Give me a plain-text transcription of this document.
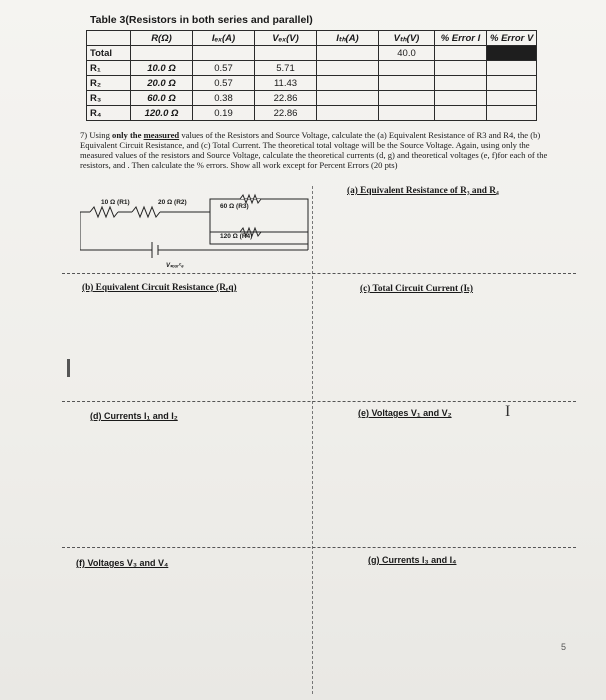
Table 3(Resistors in both series and parallel)
	R(Ω)	Iₑₓ(A)	Vₑₓ(V)	Iₜₕ(A)	Vₜₕ(V)	% Error I	% Error V
Total					40.0		
R₁	10.0 Ω	0.57	5.71				
R₂	20.0 Ω	0.57	11.43				
R₃	60.0 Ω	0.38	22.86				
R₄	120.0 Ω	0.19	22.86				
7) Using only the measured values of the Resistors and Source Voltage, calculate the (a) Equivalent Resistance of R3 and R4, the (b) Equivalent Circuit Resistance, and (c) Total Current. The theoretical total voltage will be the Source Voltage. Again, using only the measured values of the resistors and Source Voltage, calculate the theoretical currents (d, g) and theoretical voltages (e, f)for each of the resistors, and . Then calculate the % errors. Show all work except for Percent Errors (20 pts)
10 Ω (R1)	20 Ω (R2)
60 Ω (R3)
120 Ω (R4)
Vₛₒᵤᵣᶜₑ
(a) Equivalent Resistance of R₃ and R₄
(b) Equivalent Circuit Resistance (Rₑq)	(c) Total Circuit Current (Iₜ)
(d) Currents I₁ and I₂	(e) Voltages V₁ and V₂
(f) Voltages V₃ and V₄	(g) Currents I₃ and I₄
I
5
